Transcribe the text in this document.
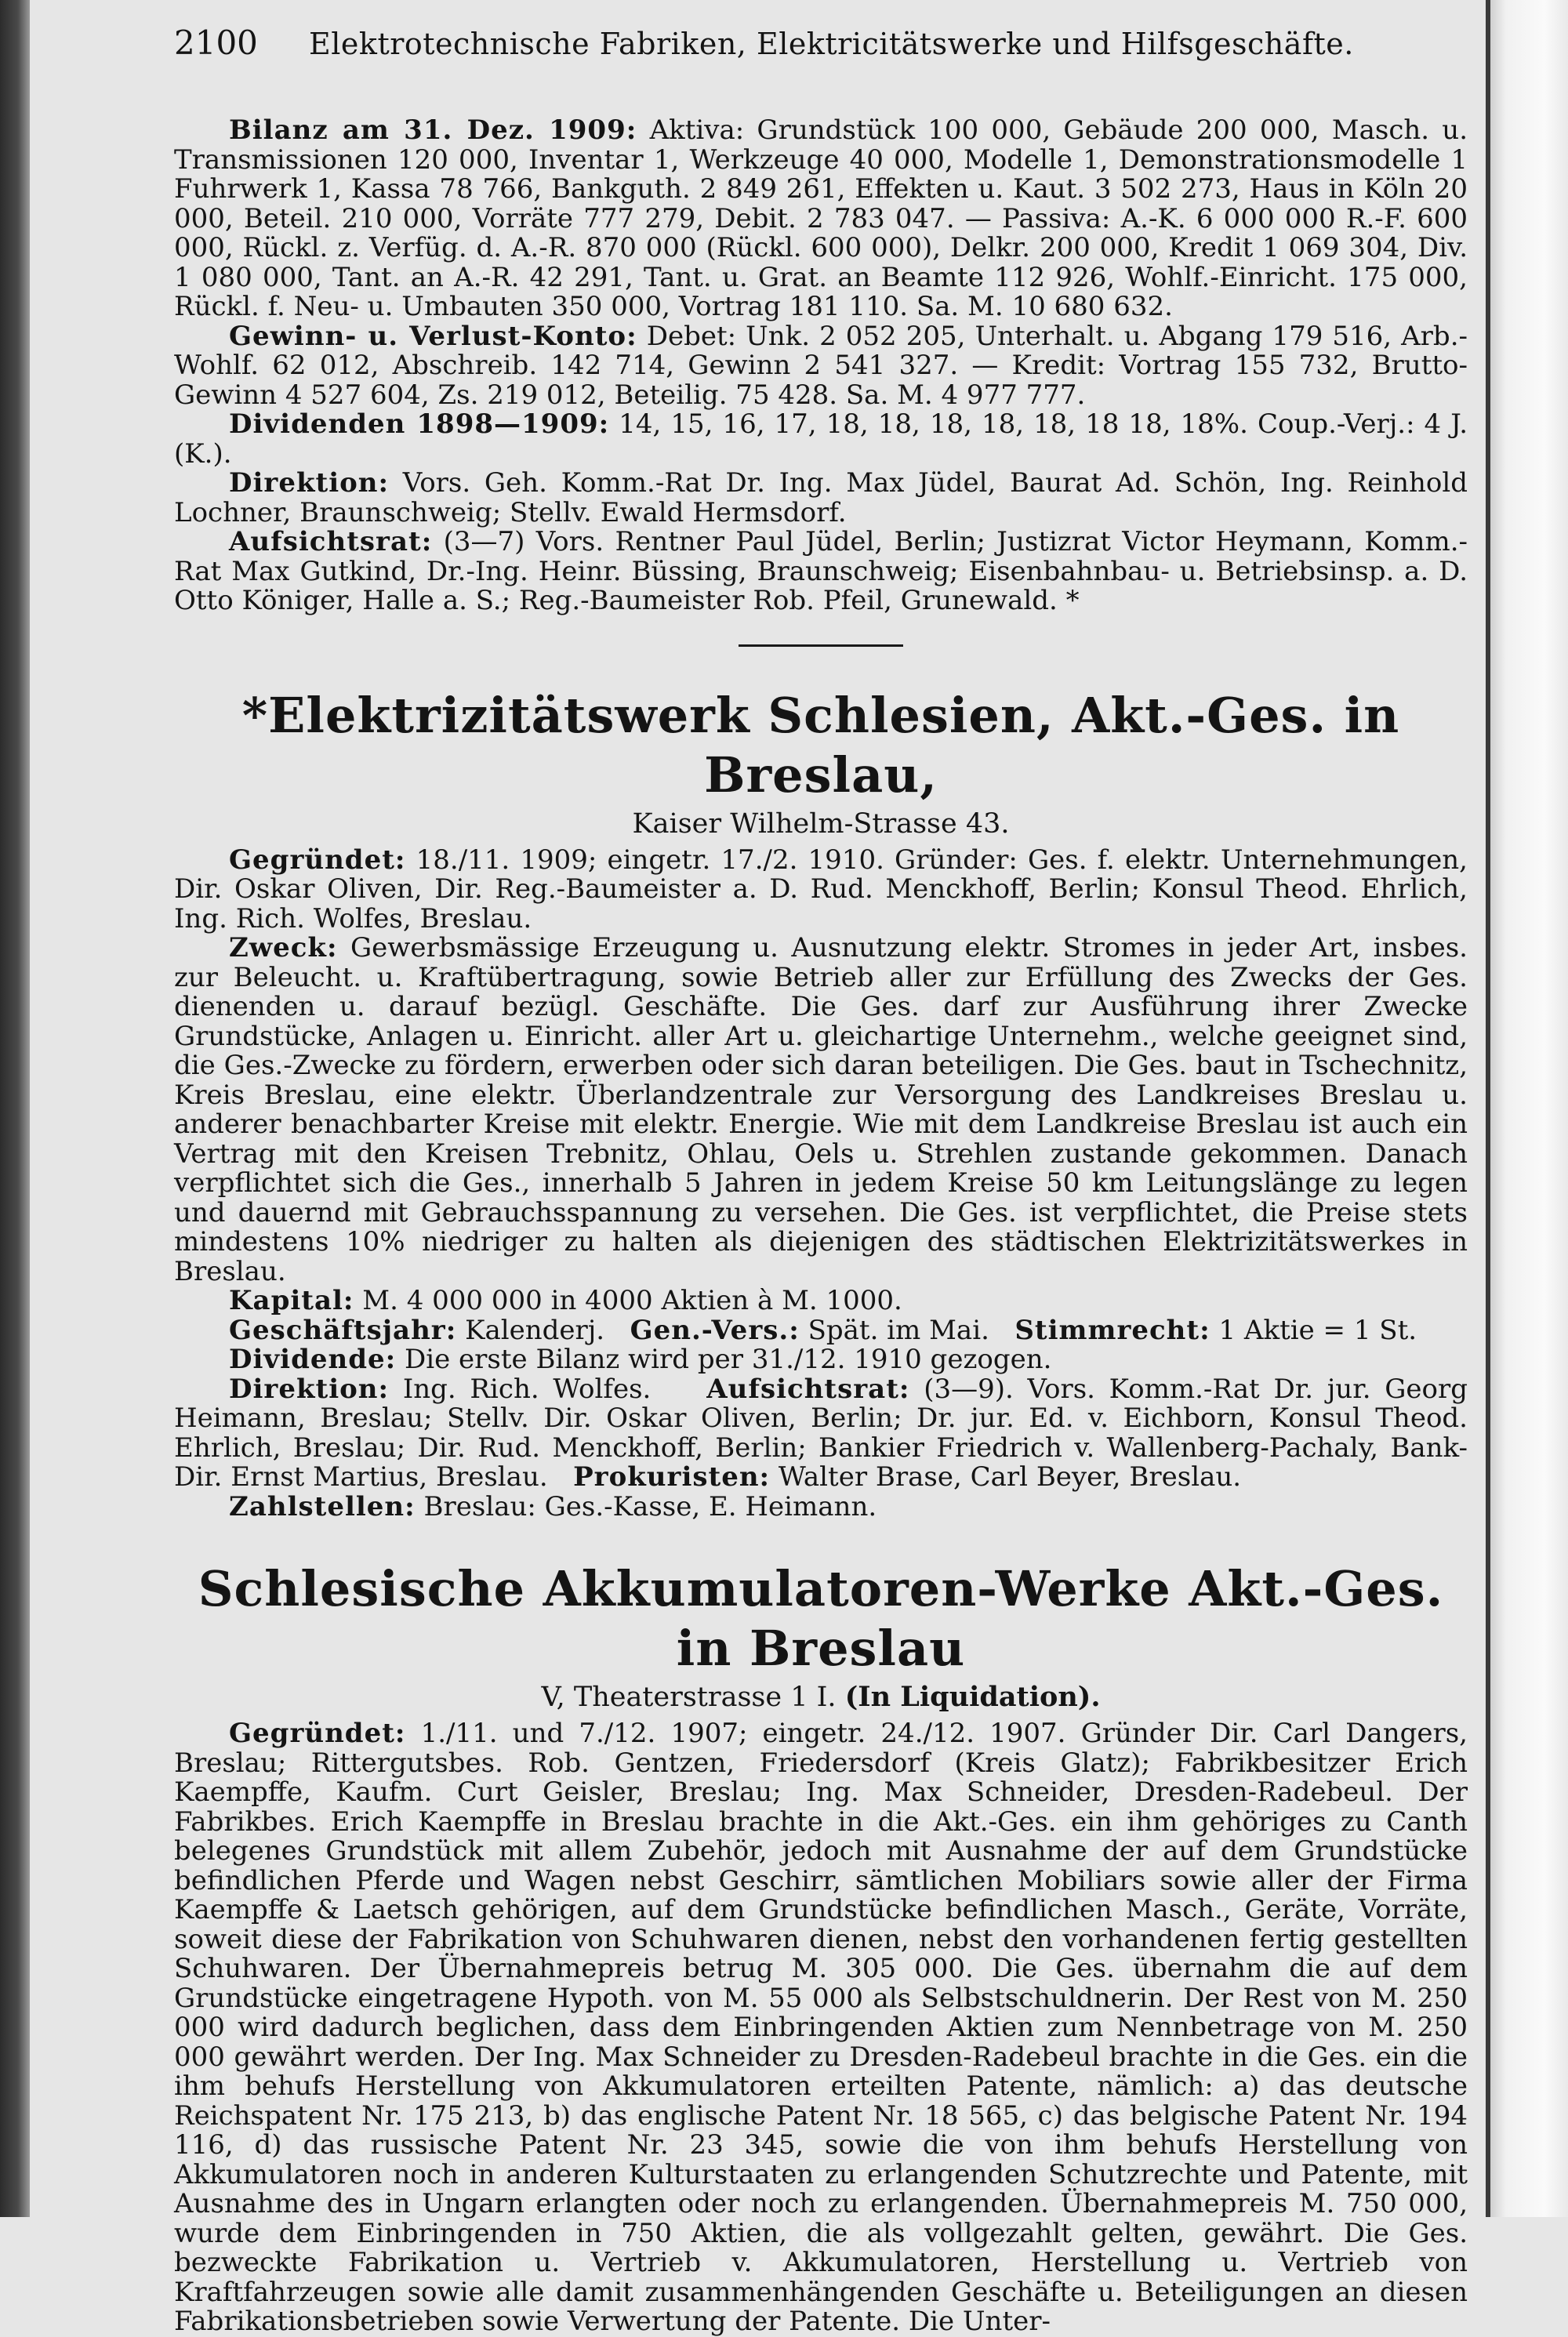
2100	Elektrotechnische Fabriken, Elektricitätswerke und Hilfsgeschäfte.

Bilanz am 31. Dez. 1909: Aktiva: Grundstück 100 000, Gebäude 200 000, Masch. u. Transmissionen 120 000, Inventar 1, Werkzeuge 40 000, Modelle 1, Demonstrationsmodelle 1 Fuhrwerk 1, Kassa 78 766, Bankguth. 2 849 261, Effekten u. Kaut. 3 502 273, Haus in Köln 20 000, Beteil. 210 000, Vorräte 777 279, Debit. 2 783 047. — Passiva: A.-K. 6 000 000 R.-F. 600 000, Rückl. z. Verfüg. d. A.-R. 870 000 (Rückl. 600 000), Delkr. 200 000, Kredit 1 069 304, Div. 1 080 000, Tant. an A.-R. 42 291, Tant. u. Grat. an Beamte 112 926, Wohlf.-Einricht. 175 000, Rückl. f. Neu- u. Umbauten 350 000, Vortrag 181 110. Sa. M. 10 680 632.

Gewinn- u. Verlust-Konto: Debet: Unk. 2 052 205, Unterhalt. u. Abgang 179 516, Arb.-Wohlf. 62 012, Abschreib. 142 714, Gewinn 2 541 327. — Kredit: Vortrag 155 732, Brutto-Gewinn 4 527 604, Zs. 219 012, Beteilig. 75 428. Sa. M. 4 977 777.

Dividenden 1898—1909: 14, 15, 16, 17, 18, 18, 18, 18, 18, 18 18, 18%. Coup.-Verj.: 4 J. (K.).

Direktion: Vors. Geh. Komm.-Rat Dr. Ing. Max Jüdel, Baurat Ad. Schön, Ing. Reinhold Lochner, Braunschweig; Stellv. Ewald Hermsdorf.

Aufsichtsrat: (3—7) Vors. Rentner Paul Jüdel, Berlin; Justizrat Victor Heymann, Komm.-Rat Max Gutkind, Dr.-Ing. Heinr. Büssing, Braunschweig; Eisenbahnbau- u. Betriebsinsp. a. D. Otto Königer, Halle a. S.; Reg.-Baumeister Rob. Pfeil, Grunewald. *

*Elektrizitätswerk Schlesien, Akt.-Ges. in Breslau,
Kaiser Wilhelm-Strasse 43.

Gegründet: 18./11. 1909; eingetr. 17./2. 1910. Gründer: Ges. f. elektr. Unternehmungen, Dir. Oskar Oliven, Dir. Reg.-Baumeister a. D. Rud. Menckhoff, Berlin; Konsul Theod. Ehrlich, Ing. Rich. Wolfes, Breslau.

Zweck: Gewerbsmässige Erzeugung u. Ausnutzung elektr. Stromes in jeder Art, insbes. zur Beleucht. u. Kraftübertragung, sowie Betrieb aller zur Erfüllung des Zwecks der Ges. dienenden u. darauf bezügl. Geschäfte. Die Ges. darf zur Ausführung ihrer Zwecke Grundstücke, Anlagen u. Einricht. aller Art u. gleichartige Unternehm., welche geeignet sind, die Ges.-Zwecke zu fördern, erwerben oder sich daran beteiligen. Die Ges. baut in Tschechnitz, Kreis Breslau, eine elektr. Überlandzentrale zur Versorgung des Landkreises Breslau u. anderer benachbarter Kreise mit elektr. Energie. Wie mit dem Landkreise Breslau ist auch ein Vertrag mit den Kreisen Trebnitz, Ohlau, Oels u. Strehlen zustande gekommen. Danach verpflichtet sich die Ges., innerhalb 5 Jahren in jedem Kreise 50 km Leitungslänge zu legen und dauernd mit Gebrauchsspannung zu versehen. Die Ges. ist verpflichtet, die Preise stets mindestens 10% niedriger zu halten als diejenigen des städtischen Elektrizitätswerkes in Breslau.

Kapital: M. 4 000 000 in 4000 Aktien à M. 1000.

Geschäftsjahr: Kalenderj. Gen.-Vers.: Spät. im Mai. Stimmrecht: 1 Aktie = 1 St.

Dividende: Die erste Bilanz wird per 31./12. 1910 gezogen.

Direktion: Ing. Rich. Wolfes. Aufsichtsrat: (3—9). Vors. Komm.-Rat Dr. jur. Georg Heimann, Breslau; Stellv. Dir. Oskar Oliven, Berlin; Dr. jur. Ed. v. Eichborn, Konsul Theod. Ehrlich, Breslau; Dir. Rud. Menckhoff, Berlin; Bankier Friedrich v. Wallenberg-Pachaly, Bank-Dir. Ernst Martius, Breslau. Prokuristen: Walter Brase, Carl Beyer, Breslau.

Zahlstellen: Breslau: Ges.-Kasse, E. Heimann.

Schlesische Akkumulatoren-Werke Akt.-Ges. in Breslau
V, Theaterstrasse 1 I. (In Liquidation).

Gegründet: 1./11. und 7./12. 1907; eingetr. 24./12. 1907. Gründer Dir. Carl Dangers, Breslau; Rittergutsbes. Rob. Gentzen, Friedersdorf (Kreis Glatz); Fabrikbesitzer Erich Kaempffe, Kaufm. Curt Geisler, Breslau; Ing. Max Schneider, Dresden-Radebeul. Der Fabrikbes. Erich Kaempffe in Breslau brachte in die Akt.-Ges. ein ihm gehöriges zu Canth belegenes Grundstück mit allem Zubehör, jedoch mit Ausnahme der auf dem Grundstücke befindlichen Pferde und Wagen nebst Geschirr, sämtlichen Mobiliars sowie aller der Firma Kaempffe & Laetsch gehörigen, auf dem Grundstücke befindlichen Masch., Geräte, Vorräte, soweit diese der Fabrikation von Schuhwaren dienen, nebst den vorhandenen fertig gestellten Schuhwaren. Der Übernahmepreis betrug M. 305 000. Die Ges. übernahm die auf dem Grundstücke eingetragene Hypoth. von M. 55 000 als Selbstschuldnerin. Der Rest von M. 250 000 wird dadurch beglichen, dass dem Einbringenden Aktien zum Nennbetrage von M. 250 000 gewährt werden. Der Ing. Max Schneider zu Dresden-Radebeul brachte in die Ges. ein die ihm behufs Herstellung von Akkumulatoren erteilten Patente, nämlich: a) das deutsche Reichspatent Nr. 175 213, b) das englische Patent Nr. 18 565, c) das belgische Patent Nr. 194 116, d) das russische Patent Nr. 23 345, sowie die von ihm behufs Herstellung von Akkumulatoren noch in anderen Kulturstaaten zu erlangenden Schutzrechte und Patente, mit Ausnahme des in Ungarn erlangten oder noch zu erlangenden. Übernahmepreis M. 750 000, wurde dem Einbringenden in 750 Aktien, die als vollgezahlt gelten, gewährt. Die Ges. bezweckte Fabrikation u. Vertrieb v. Akkumulatoren, Herstellung u. Vertrieb von Kraftfahrzeugen sowie alle damit zusammenhängenden Geschäfte u. Beteiligungen an diesen Fabrikationsbetrieben sowie Verwertung der Patente. Die Unter-
